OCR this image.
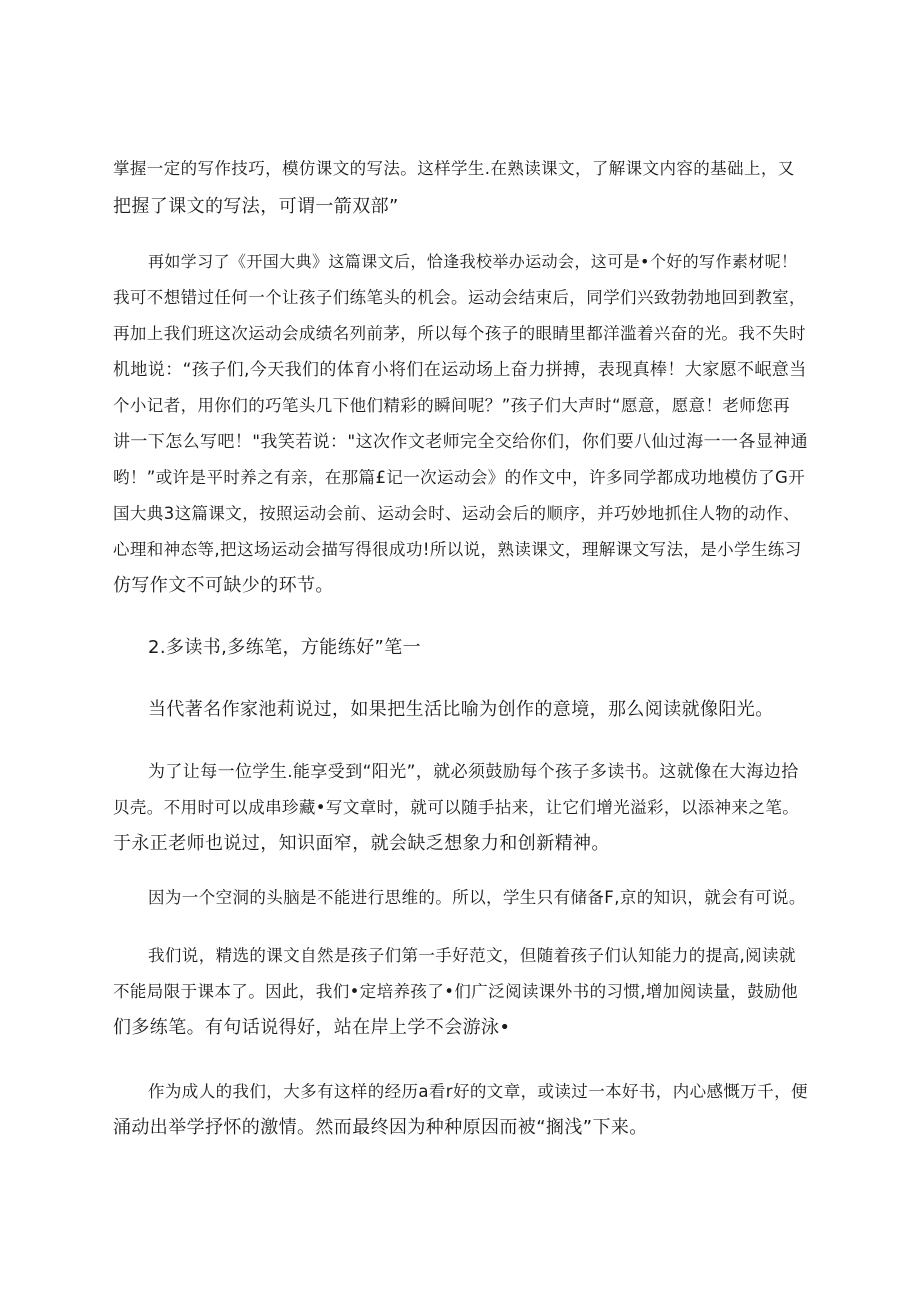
掌握一定的写作技巧，模仿课文的写法。这样学生.在熟读课文，了解课文内容的基础上，又
把握了课文的写法，可谓一箭双部”
再如学习了《开国大典》这篇课文后，恰逢我校举办运动会，这可是•个好的写作素材呢！
我可不想错过任何一个让孩子们练笔头的机会。运动会结束后，同学们兴致勃勃地回到教室，
再加上我们班这次运动会成绩名列前茅，所以每个孩子的眼睛里都洋滥着兴奋的光。我不失时
机地说：“孩子们,今天我们的体育小将们在运动场上奋力拼搏，表现真棒！大家愿不岷意当
个小记者，用你们的巧笔头几下他们精彩的瞬间呢？”孩子们大声时“愿意，愿意！老师您再
讲一下怎么写吧！"我笑若说："这次作文老师完全交给你们，你们要八仙过海一一各显神通
哟！”或许是平时养之有亲，在那篇£记一次运动会》的作文中，许多同学都成功地模仿了G开
国大典3这篇课文，按照运动会前、运动会时、运动会后的顺序，并巧妙地抓住人物的动作、
心理和神态等,把这场运动会描写得很成功!所以说，熟读课文，理解课文写法，是小学生练习
仿写作文不可缺少的环节。
2.多读书,多练笔，方能练好”笔一
当代著名作家池莉说过，如果把生活比喻为创作的意境，那么阅读就像阳光。
为了让每一位学生.能享受到“阳光”，就必须鼓励每个孩子多读书。这就像在大海边拾
贝壳。不用时可以成串珍藏•写文章时，就可以随手拈来，让它们增光溢彩，以添神来之笔。
于永正老师也说过，知识面窄，就会缺乏想象力和创新精神。
因为一个空洞的头脑是不能进行思维的。所以，学生只有储备F,京的知识，就会有可说。
我们说，精选的课文自然是孩子们第一手好范文，但随着孩子们认知能力的提高,阅读就
不能局限于课本了。因此，我们•定培养孩了•们广泛阅读课外书的习惯,增加阅读量，鼓励他
们多练笔。有句话说得好，站在岸上学不会游泳•
作为成人的我们，大多有这样的经历a看r好的文章，或读过一本好书，内心感慨万千，便
涌动出举学抒怀的激情。然而最终因为种种原因而被“搁浅”下来。
